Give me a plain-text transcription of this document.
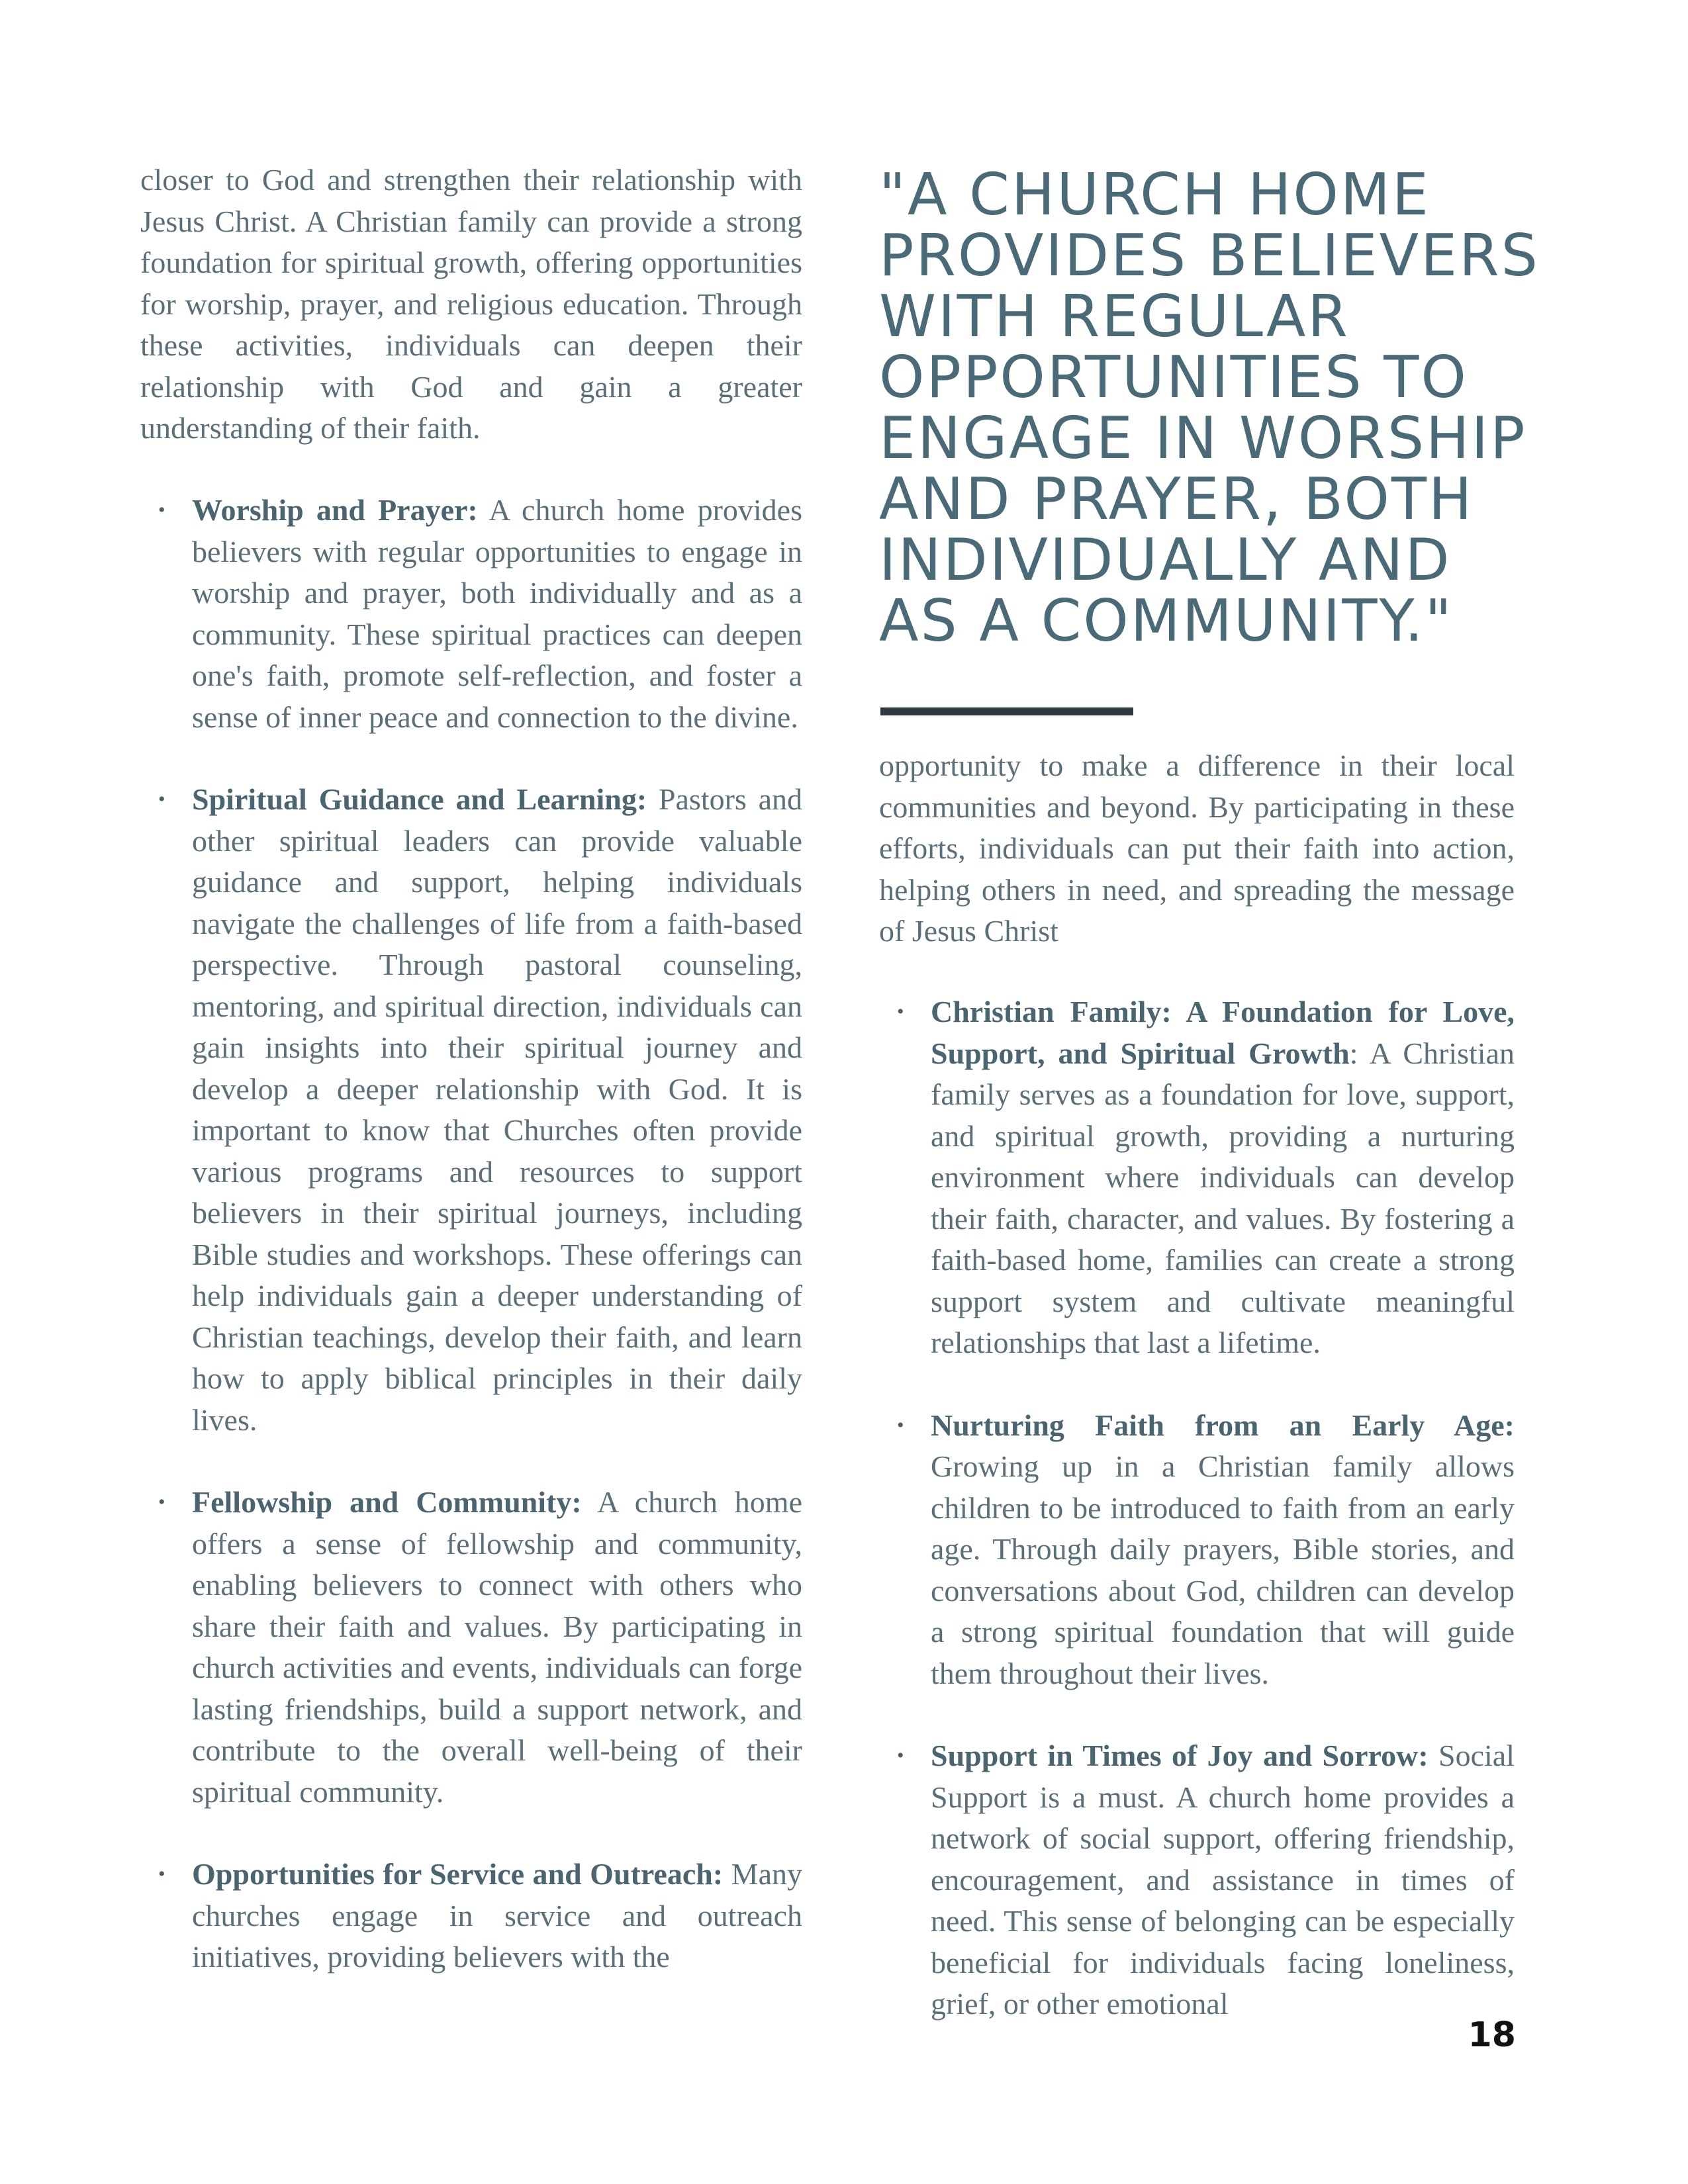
closer to God and strengthen their relationship with Jesus Christ. A Christian family can provide a strong foundation for spiritual growth, offering opportunities for worship, prayer, and religious education. Through these activities, individuals can deepen their relationship with God and gain a greater understanding of their faith.

• Worship and Prayer: A church home provides believers with regular opportunities to engage in worship and prayer, both individually and as a community. These spiritual practices can deepen one's faith, promote self-reflection, and foster a sense of inner peace and connection to the divine.
• Spiritual Guidance and Learning: Pastors and other spiritual leaders can provide valuable guidance and support, helping individuals navigate the challenges of life from a faith-based perspective. Through pastoral counseling, mentoring, and spiritual direction, individuals can gain insights into their spiritual journey and develop a deeper relationship with God. It is important to know that Churches often provide various programs and resources to support believers in their spiritual journeys, including Bible studies and workshops. These offerings can help individuals gain a deeper understanding of Christian teachings, develop their faith, and learn how to apply biblical principles in their daily lives.
• Fellowship and Community: A church home offers a sense of fellowship and community, enabling believers to connect with others who share their faith and values. By participating in church activities and events, individuals can forge lasting friendships, build a support network, and contribute to the overall well-being of their spiritual community.
• Opportunities for Service and Outreach: Many churches engage in service and outreach initiatives, providing believers with the

"A CHURCH HOME PROVIDES BELIEVERS WITH REGULAR OPPORTUNITIES TO ENGAGE IN WORSHIP AND PRAYER, BOTH INDIVIDUALLY AND AS A COMMUNITY."

opportunity to make a difference in their local communities and beyond. By participating in these efforts, individuals can put their faith into action, helping others in need, and spreading the message of Jesus Christ

• Christian Family: A Foundation for Love, Support, and Spiritual Growth: A Christian family serves as a foundation for love, support, and spiritual growth, providing a nurturing environment where individuals can develop their faith, character, and values. By fostering a faith-based home, families can create a strong support system and cultivate meaningful relationships that last a lifetime.
• Nurturing Faith from an Early Age: Growing up in a Christian family allows children to be introduced to faith from an early age. Through daily prayers, Bible stories, and conversations about God, children can develop a strong spiritual foundation that will guide them throughout their lives.
• Support in Times of Joy and Sorrow: Social Support is a must. A church home provides a network of social support, offering friendship, encouragement, and assistance in times of need. This sense of belonging can be especially beneficial for individuals facing loneliness, grief, or other emotional
18
